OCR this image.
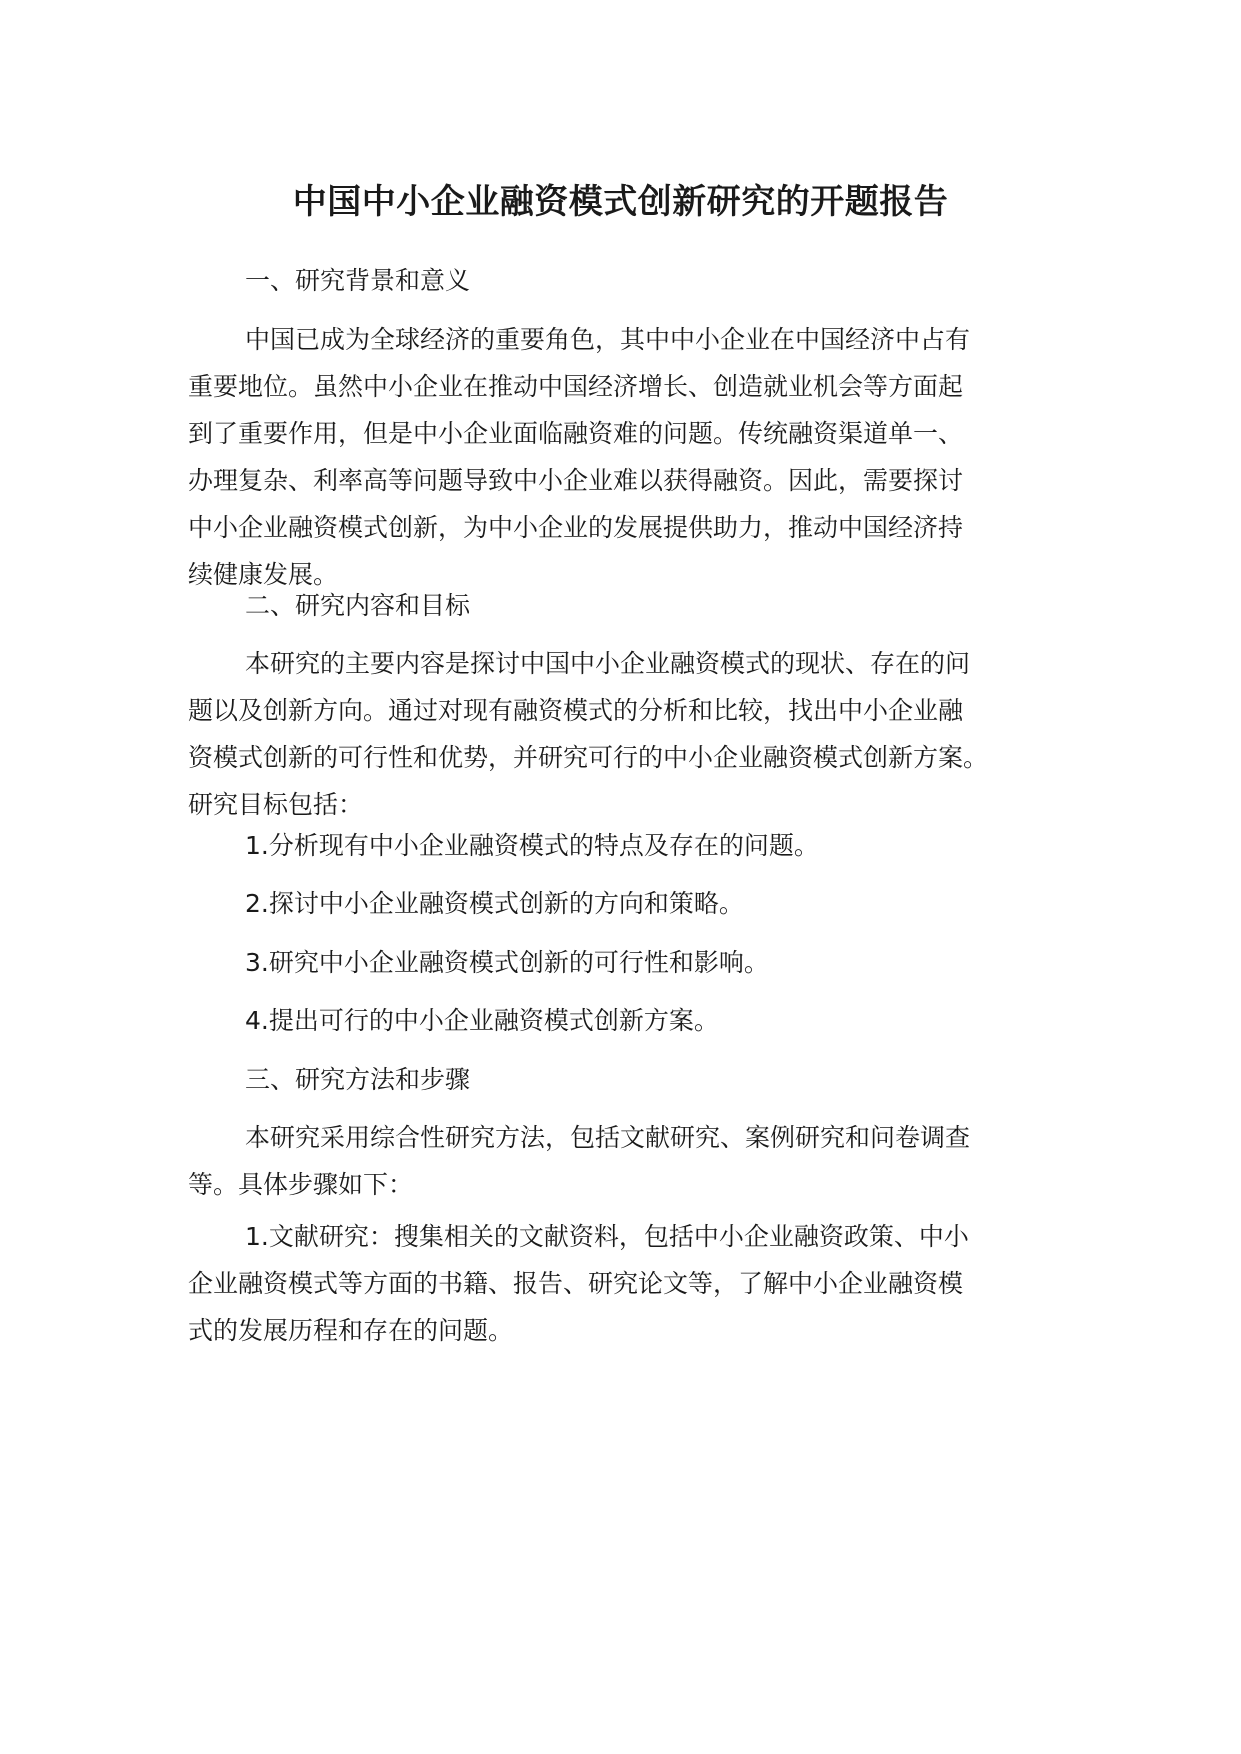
中国中小企业融资模式创新研究的开题报告

一、研究背景和意义

中国已成为全球经济的重要角色，其中中小企业在中国经济中占有
重要地位。虽然中小企业在推动中国经济增长、创造就业机会等方面起
到了重要作用，但是中小企业面临融资难的问题。传统融资渠道单一、
办理复杂、利率高等问题导致中小企业难以获得融资。因此，需要探讨
中小企业融资模式创新，为中小企业的发展提供助力，推动中国经济持
续健康发展。

二、研究内容和目标

本研究的主要内容是探讨中国中小企业融资模式的现状、存在的问
题以及创新方向。通过对现有融资模式的分析和比较，找出中小企业融
资模式创新的可行性和优势，并研究可行的中小企业融资模式创新方案。
研究目标包括：

1.分析现有中小企业融资模式的特点及存在的问题。

2.探讨中小企业融资模式创新的方向和策略。

3.研究中小企业融资模式创新的可行性和影响。

4.提出可行的中小企业融资模式创新方案。

三、研究方法和步骤

本研究采用综合性研究方法，包括文献研究、案例研究和问卷调查
等。具体步骤如下：

1.文献研究：搜集相关的文献资料，包括中小企业融资政策、中小
企业融资模式等方面的书籍、报告、研究论文等，了解中小企业融资模
式的发展历程和存在的问题。
